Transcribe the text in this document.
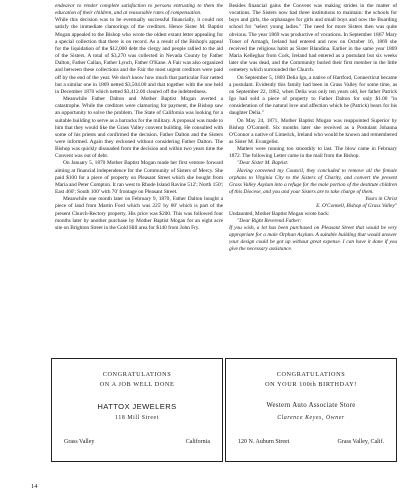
endeavor to render complete satisfaction to persons entrusting to them the education of their children, and at reasonable rates of compensation.

While this decision was to be eventually successful financially, it could not satisfy the immediate clamorings of the creditors. Hence Sister M. Baptist Mogan appealed to the Bishop who wrote the oldest extant letter appealing for a special collection that there is on record. As a result of the Bishop's appeal for the liquidation of the $12,000 debt the clergy and people rallied to the aid of the Sisters. A total of $3,270 was collected in Nevada County by Father Dalton, Father Callan, Father Lynch, Father O'Kane. A Fair was also organized and between these collections and the Fair the most urgent creditors were paid off by the end of the year. We don't know how much that particular Fair netted but a similar one in 1869 netted $3,504.00 and that together with the one held in December 1870 which netted $3,412.00 cleared off the indebtedness.

Meanwhile Father Dalton and Mother Baptist Mogan averted a catastrophe. While the creditors were clamoring for payment, the Bishop saw an opportunity to solve the problem. The State of California was looking for a suitable building to serve as a barracks for the military. A proposal was made to him that they would like the Grass Valley convent building. He consulted with some of his priests and confirmed the decision. Father Dalton and the Sisters were informed. Again they reckoned without considering Father Dalton. The Bishop was quickly dissuaded from the decision and within two years time the Convent was out of debt.

On January 5, 1870 Mother Baptist Mogan made her first venture forward aiming at financial independence for the Community of Sisters of Mercy. She paid $100 for a piece of property on Pleasant Street which she bought from Maria and Peter Compton. It ran west to Rhode Island Ravine 512'; North 150'; East 460'; South 100' with 70' frontage on Pleasant Street.

Meanwhile one month later on February 9, 1870, Father Dalton bought a piece of land from Martin Ford which was 225' by 80' which is part of the present Church-Rectory property. His price was $200. This was followed four months later by another purchase by Mother Baptist Mogan for an eight acre site on Brighton Street in the Gold Hill area for $140 from John Fry.

Besides financial gains the Convent was making strides in the matter of vocations. The Sisters now had three institutions to maintain: the schools for boys and girls, the orphanages for girls and small boys and now the Boarding school for "select young ladies." The need for more Sisters then was quite obvious. The year 1869 was productive of vocations. In September 1867 Mary Toner of Armagh, Ireland had entered and now on October 16, 1869 she received the religious habit as Sister Blandina. Earlier in the same year 1869 Maria Kelleghar from Cork, Ireland had entered as a postulant but six weeks later she was dead, and the Community buried their first member in the little cemetery which surrounded the Church.

On September 5, 1869 Delia Igo, a native of Hartford, Connecticut became a postulant. Evidently this family had been in Grass Valley for some time, as on September 22, 1862, when Delia was only ten years old, her father Patrick Igo had sold a piece of property to Father Dalton for only $1.00 "in consideration of the natural love and affection which he (Patrick) bears for his daughter Delia."

On May 24, 1871, Mother Baptist Mogan was reappointed Superior by Bishop O'Connell. Six months later she received as a Postulant Johanna O'Connor a native of Limerick, Ireland who would be known and remembered as Sister M. Evangelist.

Matters were running too smoothly to last. The blow came in February 1872. The following Letter came in the mail from the Bishop.

"Dear Sister M. Baptist:

Having convened my Council, they concluded to remove all the female orphans to Virginia City to the Sisters of Charity, and convert the present Grass Valley Asylum into a refuge for the male portion of the destitute children of this Diocese, and you and your Sisters are to take charge of them.

Yours in Christ

E. O'Connell, Bishop of Grass Valley"

Undaunted, Mother Baptist Mogan wrote back:

"Dear Right Reverend Father:

If you wish, a lot has been purchased on Pleasant Street that would be very appropriate for a male Orphan Asylum. A suitable building that would answer your design could be got up without great expense. I can have it done if you give the necessary assistance.

CONGRATULATIONS
ON A JOB WELL DONE
HATTOX JEWELERS
118 Mill Street
Grass Valley	California
CONGRATULATIONS
ON YOUR 100th BIRTHDAY!
Western Auto Associate Store
Clarence Keyes, Owner
120 N. Auburn Street	Grass Valley, Calif.
14
